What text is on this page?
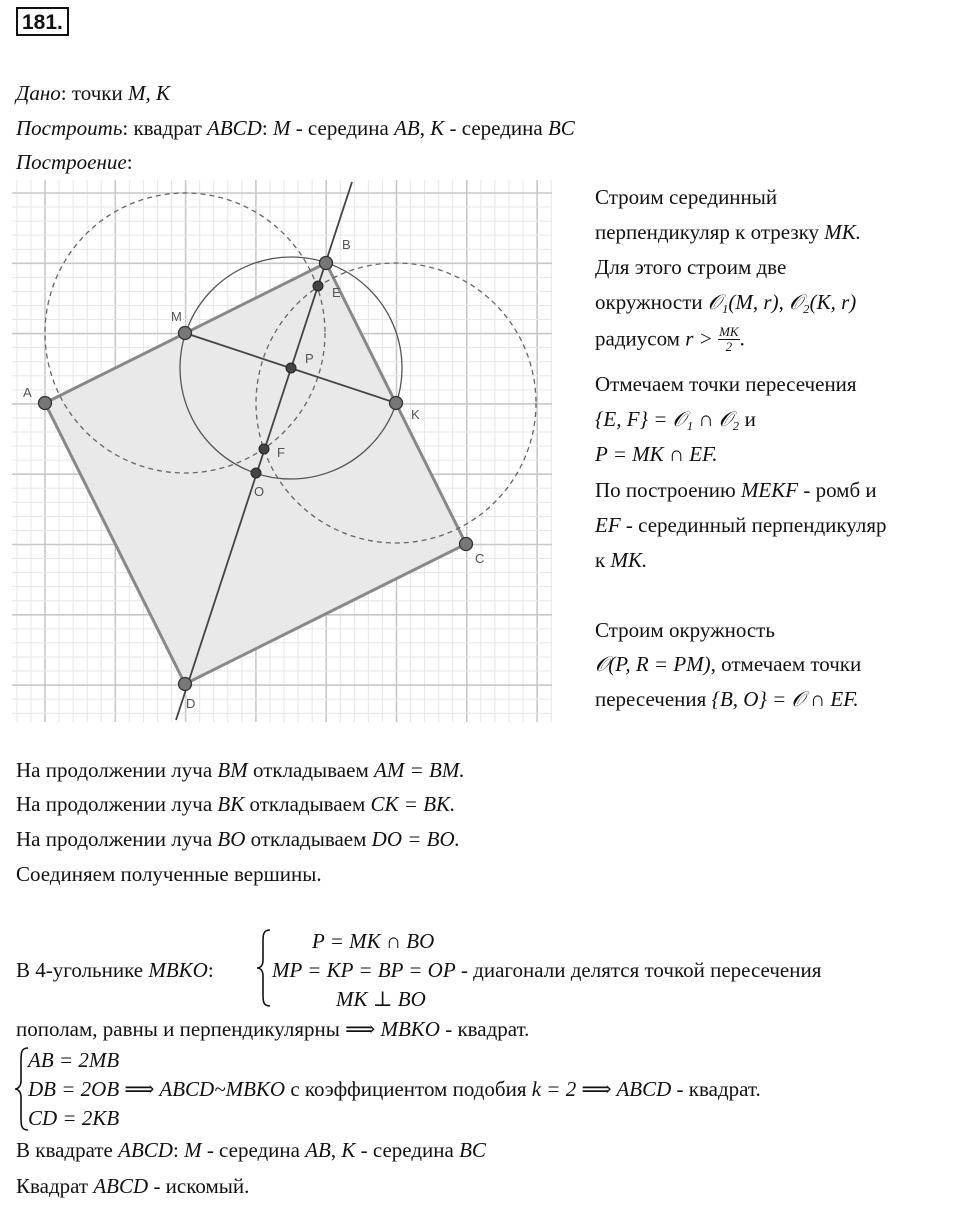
181.
Дано: точки M, K
Построить: квадрат ABCD: M - середина AB, K - середина BC
Построение:
A
B
C
D
M
K
P
E
F
O
Строим серединный
перпендикуляр к отрезку MK.
Для этого строим две
окружности 𝒪₁(M, r), 𝒪₂(K, r)
радиусом $r > \frac{MK}{2}$ .
Отмечаем точки пересечения
{E, F} = 𝒪₁ ∩ 𝒪₂ и
P = MK ∩ EF.
По построению MEKF - ромб и
EF - серединный перпендикуляр
к MK.
Строим окружность
𝒪(P, R = PM), отмечаем точки
пересечения {B, O} = 𝒪 ∩ EF.
На продолжении луча BM откладываем AM = BM.
На продолжении луча BK откладываем CK = BK.
На продолжении луча BO откладываем DO = BO.
Соединяем полученные вершины.
В 4-угольнике MBKO:
P = MK ∩ BO
MP = KP = BP = OP - диагонали делятся точкой пересечения
MK ⊥ BO
пополам, равны и перпендикулярны ⟹ MBKO - квадрат.
AB = 2MB
DB = 2OB ⟹ ABCD~MBKO с коэффициентом подобия k = 2 ⟹ ABCD - квадрат.
CD = 2KB
В квадрате ABCD: M - середина AB, K - середина BC
Квадрат ABCD - искомый.
